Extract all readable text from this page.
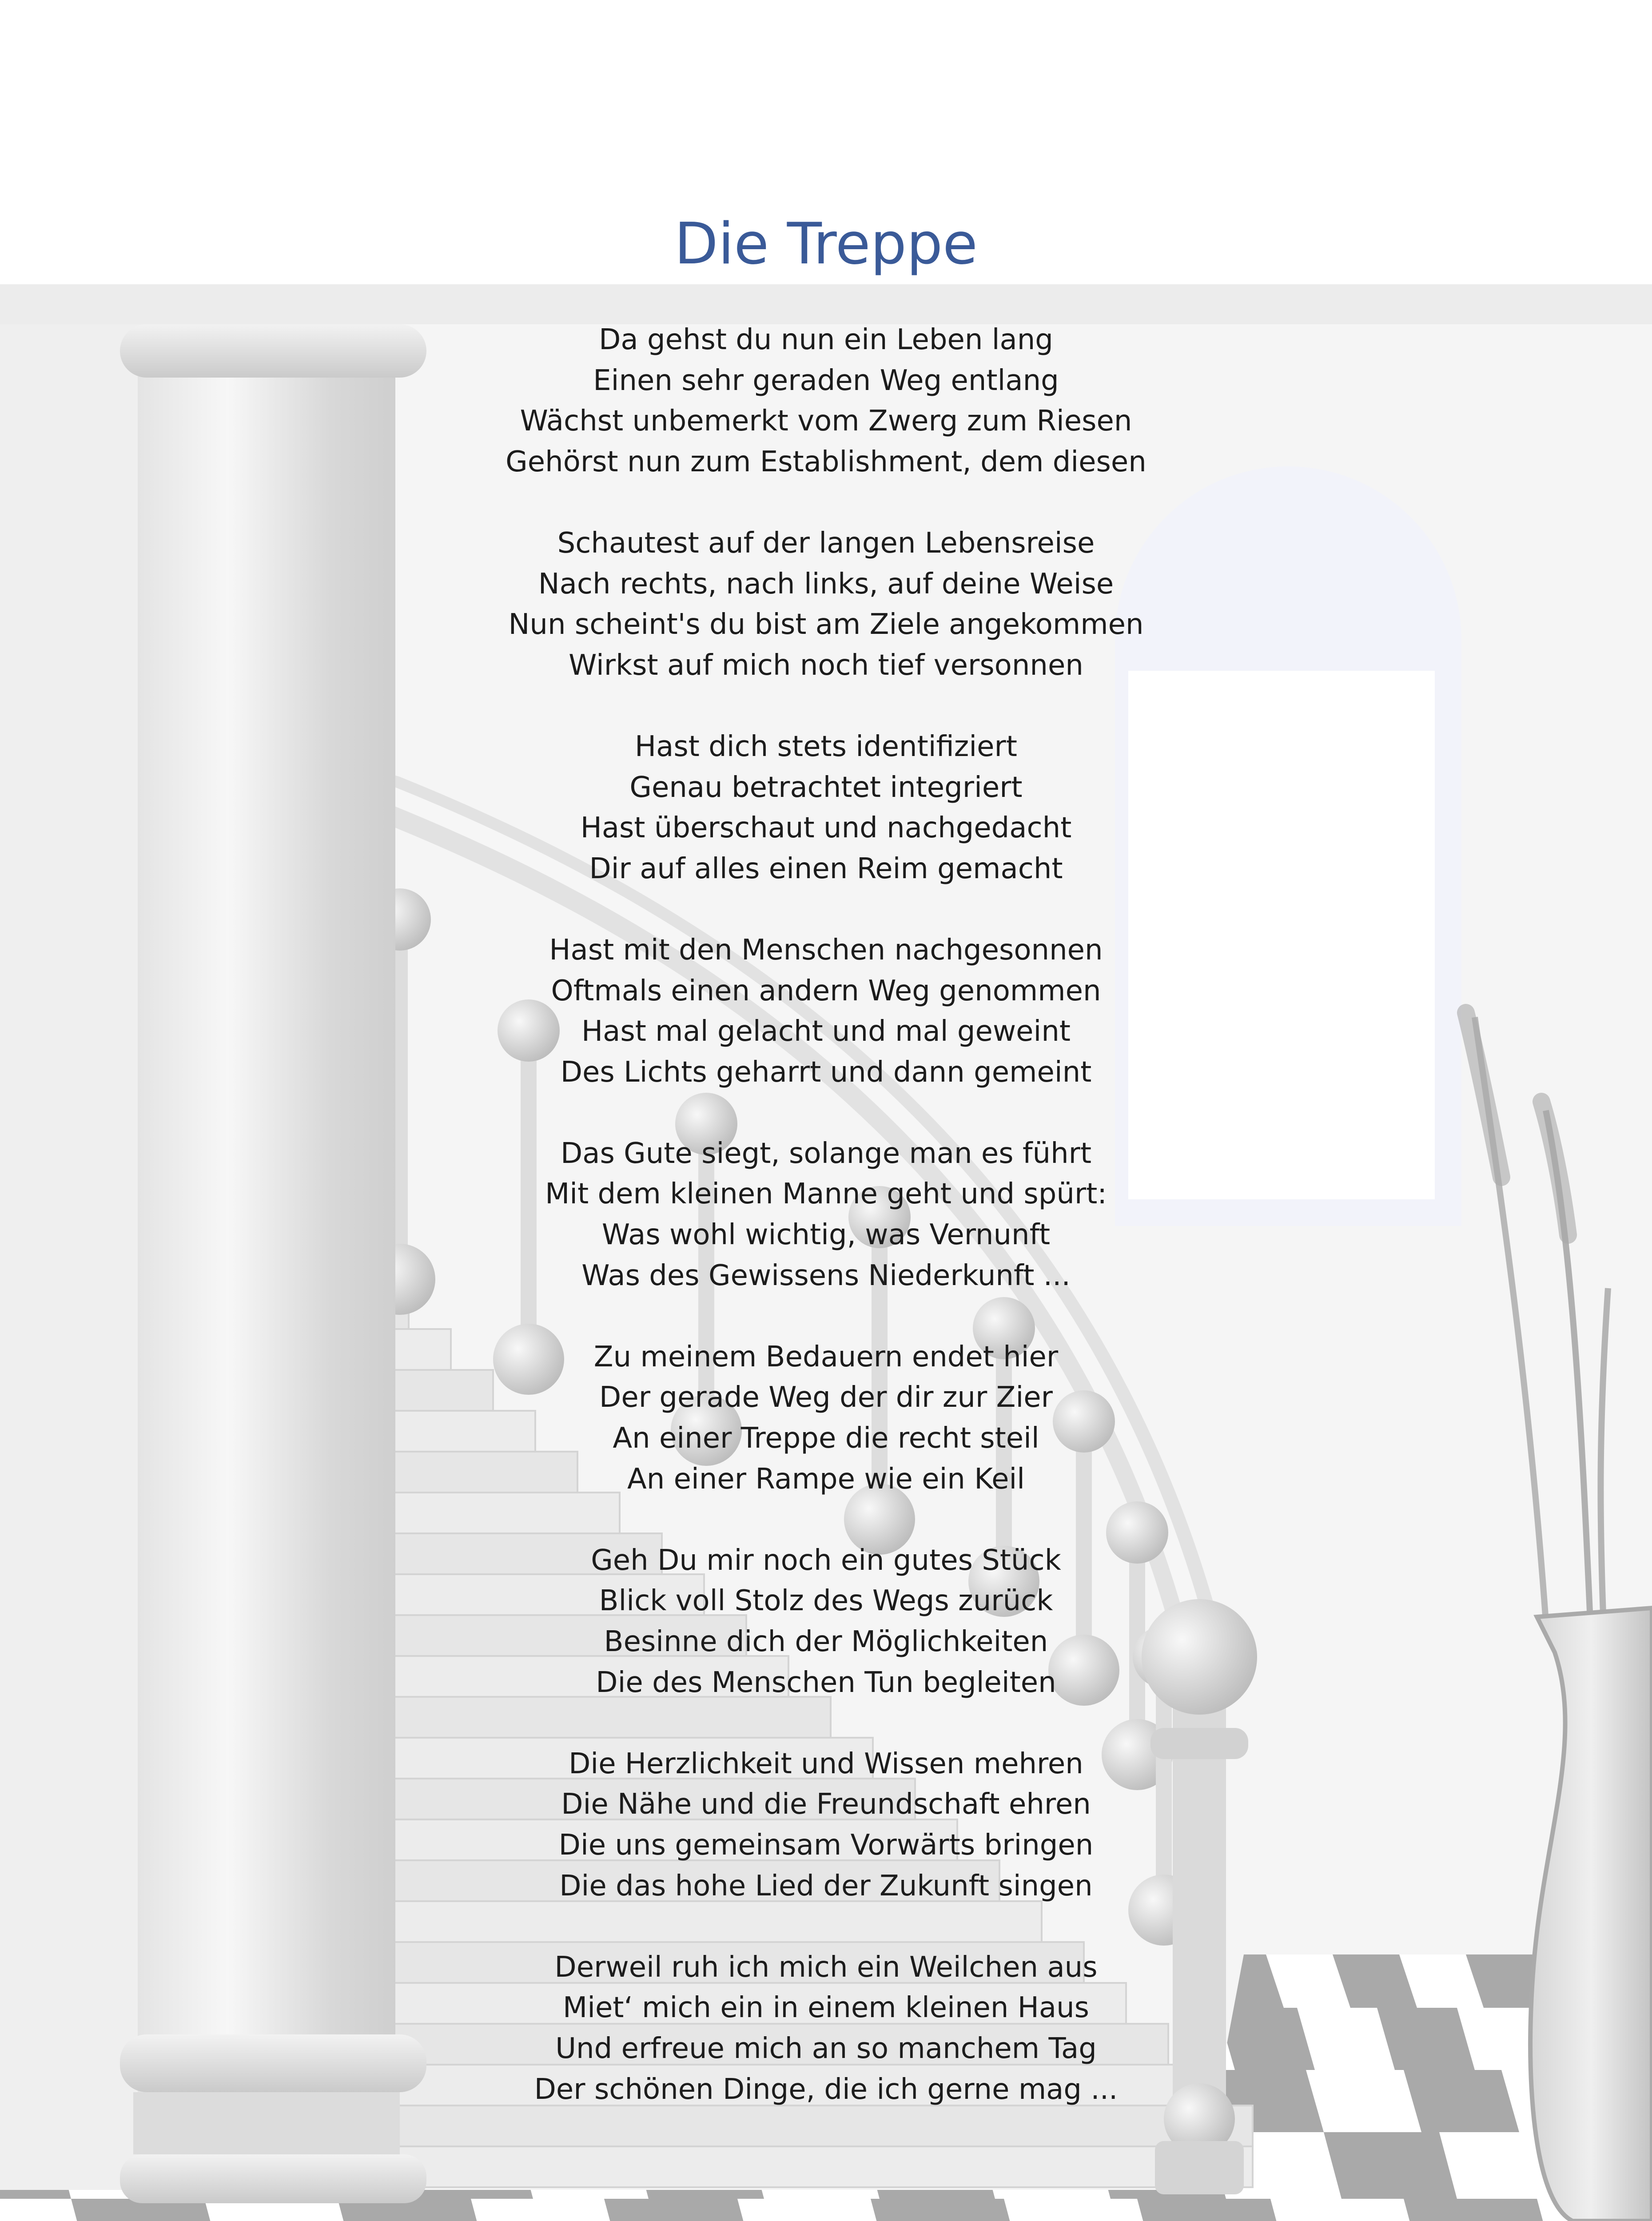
Die Treppe
Da gehst du nun ein Leben lang
Einen sehr geraden Weg entlang
Wächst unbemerkt vom Zwerg zum Riesen
Gehörst nun zum Establishment, dem diesen
Schautest auf der langen Lebensreise
Nach rechts, nach links, auf deine Weise
Nun scheint's du bist am Ziele angekommen
Wirkst auf mich noch tief versonnen
Hast dich stets identifiziert
Genau betrachtet integriert
Hast überschaut und nachgedacht
Dir auf alles einen Reim gemacht
Hast mit den Menschen nachgesonnen
Oftmals einen andern Weg genommen
Hast mal gelacht und mal geweint
Des Lichts geharrt und dann gemeint
Das Gute siegt, solange man es führt
Mit dem kleinen Manne geht und spürt:
Was wohl wichtig, was Vernunft
Was des Gewissens Niederkunft ...
Zu meinem Bedauern endet hier
Der gerade Weg der dir zur Zier
An einer Treppe die recht steil
An einer Rampe wie ein Keil
Geh Du mir noch ein gutes Stück
Blick voll Stolz des Wegs zurück
Besinne dich der Möglichkeiten
Die des Menschen Tun begleiten
Die Herzlichkeit und Wissen mehren
Die Nähe und die Freundschaft ehren
Die uns gemeinsam Vorwärts bringen
Die das hohe Lied der Zukunft singen
Derweil ruh ich mich ein Weilchen aus
Miet‘ mich ein in einem kleinen Haus
Und erfreue mich an so manchem Tag
Der schönen Dinge, die ich gerne mag ...
